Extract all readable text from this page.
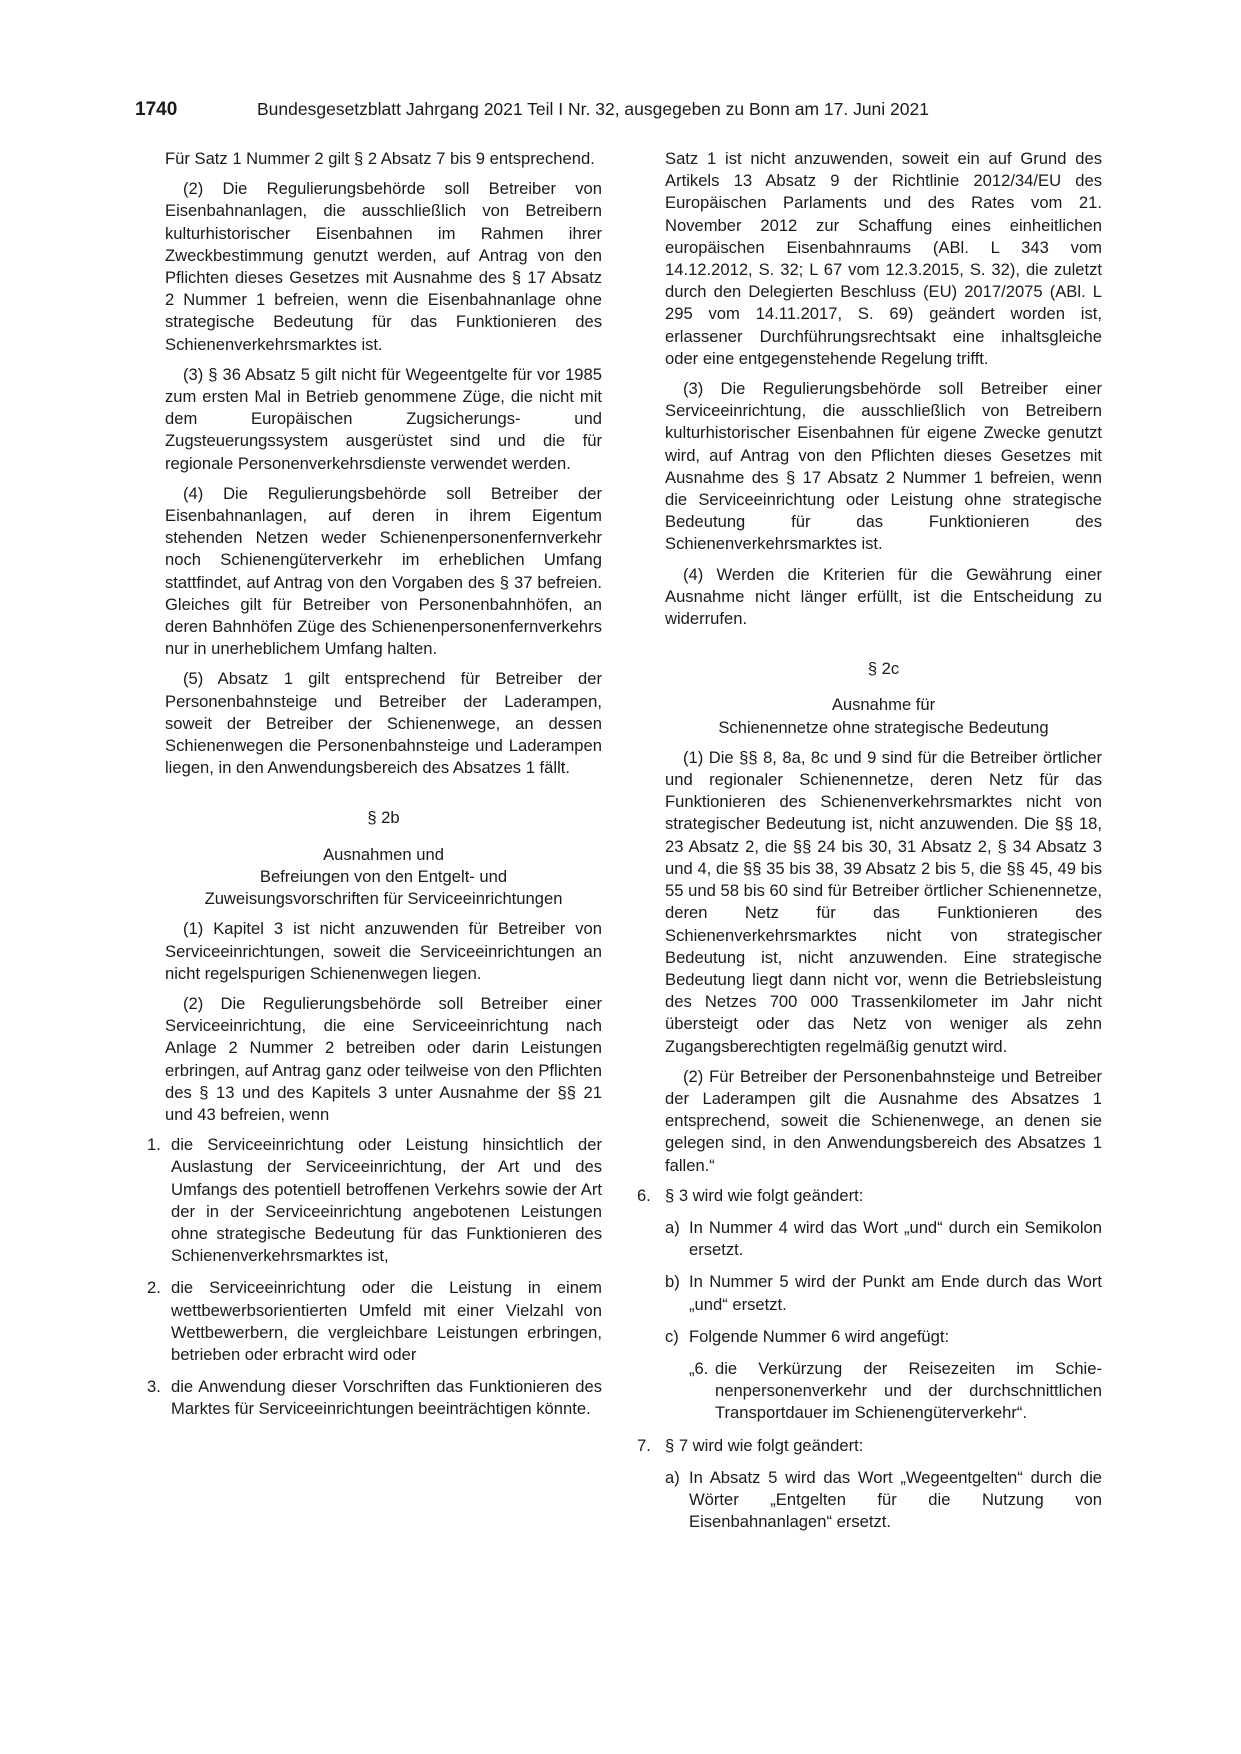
1740	Bundesgesetzblatt Jahrgang 2021 Teil I Nr. 32, ausgegeben zu Bonn am 17. Juni 2021

Für Satz 1 Nummer 2 gilt § 2 Absatz 7 bis 9 entsprechend.

(2) Die Regulierungsbehörde soll Betreiber von Eisenbahnanlagen, die ausschließlich von Betreibern kulturhistorischer Eisenbahnen im Rahmen ihrer Zweckbestimmung genutzt werden, auf Antrag von den Pflichten dieses Gesetzes mit Ausnahme des § 17 Absatz 2 Nummer 1 befreien, wenn die Eisenbahnanlage ohne strategische Bedeutung für das Funktionieren des Schienenverkehrsmarktes ist.

(3) § 36 Absatz 5 gilt nicht für Wegeentgelte für vor 1985 zum ersten Mal in Betrieb genommene Züge, die nicht mit dem Europäischen Zugsicherungs- und Zugsteuerungssystem ausgerüstet sind und die für regionale Personenverkehrsdienste verwendet werden.

(4) Die Regulierungsbehörde soll Betreiber der Eisenbahnanlagen, auf deren in ihrem Eigentum stehenden Netzen weder Schienenpersonenfernverkehr noch Schienengüterverkehr im erheblichen Umfang stattfindet, auf Antrag von den Vorgaben des § 37 befreien. Gleiches gilt für Betreiber von Personenbahnhöfen, an deren Bahnhöfen Züge des Schienenpersonenfernverkehrs nur in unerheblichem Umfang halten.

(5) Absatz 1 gilt entsprechend für Betreiber der Personenbahnsteige und Betreiber der Laderampen, soweit der Betreiber der Schienenwege, an dessen Schienenwegen die Personenbahnsteige und Laderampen liegen, in den Anwendungsbereich des Absatzes 1 fällt.

§ 2b
Ausnahmen und
Befreiungen von den Entgelt- und
Zuweisungsvorschriften für Serviceeinrichtungen

(1) Kapitel 3 ist nicht anzuwenden für Betreiber von Serviceeinrichtungen, soweit die Serviceeinrichtungen an nicht regelspurigen Schienenwegen liegen.

(2) Die Regulierungsbehörde soll Betreiber einer Serviceeinrichtung, die eine Serviceeinrichtung nach Anlage 2 Nummer 2 betreiben oder darin Leistungen erbringen, auf Antrag ganz oder teilweise von den Pflichten des § 13 und des Kapitels 3 unter Ausnahme der §§ 21 und 43 befreien, wenn

1. die Serviceeinrichtung oder Leistung hinsichtlich der Auslastung der Serviceeinrichtung, der Art und des Umfangs des potentiell betroffenen Verkehrs sowie der Art der in der Serviceeinrichtung angebotenen Leistungen ohne strategische Bedeutung für das Funktionieren des Schienenverkehrsmarktes ist,
2. die Serviceeinrichtung oder die Leistung in einem wettbewerbsorientierten Umfeld mit einer Vielzahl von Wettbewerbern, die vergleichbare Leistungen erbringen, betrieben oder erbracht wird oder
3. die Anwendung dieser Vorschriften das Funktionieren des Marktes für Serviceeinrichtungen beeinträchtigen könnte.

Satz 1 ist nicht anzuwenden, soweit ein auf Grund des Artikels 13 Absatz 9 der Richtlinie 2012/34/EU des Europäischen Parlaments und des Rates vom 21. November 2012 zur Schaffung eines einheitlichen europäischen Eisenbahnraums (ABl. L 343 vom 14.12.2012, S. 32; L 67 vom 12.3.2015, S. 32), die zuletzt durch den Delegierten Beschluss (EU) 2017/2075 (ABl. L 295 vom 14.11.2017, S. 69) geändert worden ist, erlassener Durchführungsrechtsakt eine inhaltsgleiche oder eine entgegenstehende Regelung trifft.

(3) Die Regulierungsbehörde soll Betreiber einer Serviceeinrichtung, die ausschließlich von Betreibern kulturhistorischer Eisenbahnen für eigene Zwecke genutzt wird, auf Antrag von den Pflichten dieses Gesetzes mit Ausnahme des § 17 Absatz 2 Nummer 1 befreien, wenn die Serviceeinrichtung oder Leistung ohne strategische Bedeutung für das Funktionieren des Schienenverkehrsmarktes ist.

(4) Werden die Kriterien für die Gewährung einer Ausnahme nicht länger erfüllt, ist die Entscheidung zu widerrufen.

§ 2c
Ausnahme für
Schienennetze ohne strategische Bedeutung

(1) Die §§ 8, 8a, 8c und 9 sind für die Betreiber örtlicher und regionaler Schienennetze, deren Netz für das Funktionieren des Schienenverkehrsmarktes nicht von strategischer Bedeutung ist, nicht anzuwenden. Die §§ 18, 23 Absatz 2, die §§ 24 bis 30, 31 Absatz 2, § 34 Absatz 3 und 4, die §§ 35 bis 38, 39 Absatz 2 bis 5, die §§ 45, 49 bis 55 und 58 bis 60 sind für Betreiber örtlicher Schienennetze, deren Netz für das Funktionieren des Schienenverkehrsmarktes nicht von strategischer Bedeutung ist, nicht anzuwenden. Eine strategische Bedeutung liegt dann nicht vor, wenn die Betriebsleistung des Netzes 700 000 Trassenkilometer im Jahr nicht übersteigt oder das Netz von weniger als zehn Zugangsberechtigten regelmäßig genutzt wird.

(2) Für Betreiber der Personenbahnsteige und Betreiber der Laderampen gilt die Ausnahme des Absatzes 1 entsprechend, soweit die Schienenwege, an denen sie gelegen sind, in den Anwendungsbereich des Absatzes 1 fallen.“

6. § 3 wird wie folgt geändert:
a) In Nummer 4 wird das Wort „und“ durch ein Semikolon ersetzt.
b) In Nummer 5 wird der Punkt am Ende durch das Wort „und“ ersetzt.
c) Folgende Nummer 6 wird angefügt:
„6. die Verkürzung der Reisezeiten im Schienenpersonenverkehr und der durchschnittlichen Transportdauer im Schienengüterverkehr“.
7. § 7 wird wie folgt geändert:
a) In Absatz 5 wird das Wort „Wegeentgelten“ durch die Wörter „Entgelten für die Nutzung von Eisenbahnanlagen“ ersetzt.
